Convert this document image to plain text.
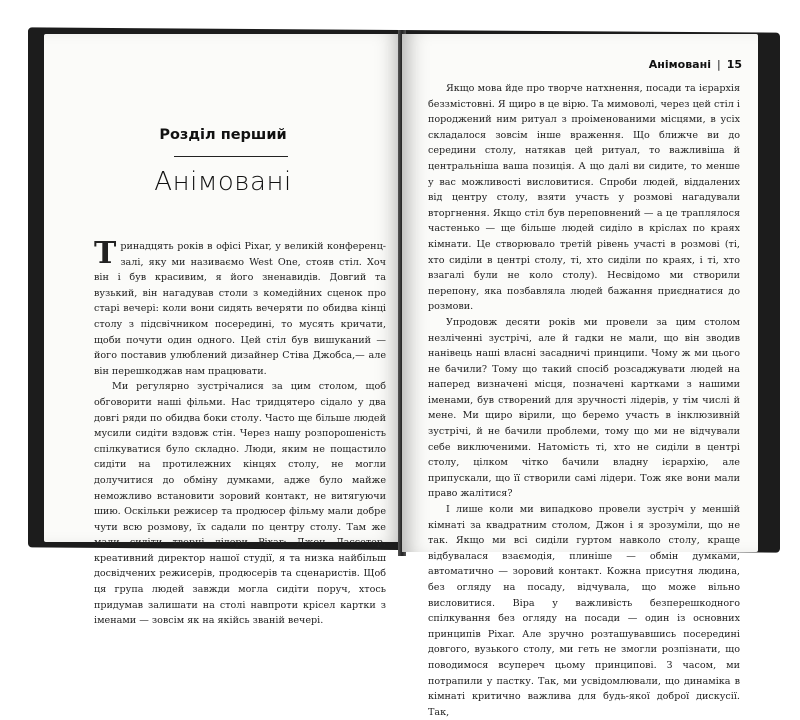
Розділ перший
Анімовані

Тринадцять років в офісі Pixar, у великій конференц-залі, яку ми називаємо West One, стояв стіл. Хоч він і був красивим, я його зненавидів. Довгий та вузький, він нагадував столи з комедійних сценок про старі вечері: коли вони сидять вечеряти по обидва кінці столу з підсвічником посередині, то мусять кричати, щоби почути один одного. Цей стіл був вишуканий — його поставив улюблений дизайнер Стіва Джобса,— але він перешкоджав нам працювати.

Ми регулярно зустрічалися за цим столом, щоб обговорити наші фільми. Нас тридцятеро сідало у два довгі ряди по обидва боки столу. Часто ще більше людей мусили сидіти вздовж стін. Через нашу розпорошеність спілкуватися було складно. Люди, яким не пощастило сидіти на протилежних кінцях столу, не могли долучитися до обміну думками, адже було майже неможливо встановити зоровий контакт, не витягуючи шию. Оскільки режисер та продюсер фільму мали добре чути всю розмову, їх садали по центру столу. Там же мали сидіти творчі лідери Pixar: Джон Лассетер, креативний директор нашої студії, я та низка найбільш досвідчених режисерів, продюсерів та сценаристів. Щоб ця група людей завжди могла сидіти поруч, хтось придумав залишати на столі навпроти крісел картки з іменами — зовсім як на якійсь званій вечері.

Анімовані | 15

Якщо мова йде про творче натхнення, посади та ієрархія беззмістовні. Я щиро в це вірю. Та мимоволі, через цей стіл і породжений ним ритуал з проіменованими місцями, в усіх складалося зовсім інше враження. Що ближче ви до середини столу, натякав цей ритуал, то важливіша й центральніша ваша позиція. А що далі ви сидите, то менше у вас можливості висловитися. Спроби людей, віддалених від центру столу, взяти участь у розмові нагадували вторгнення. Якщо стіл був переповнений — а це траплялося частенько — ще більше людей сиділо в кріслах по краях кімнати. Це створювало третій рівень участі в розмові (ті, хто сиділи в центрі столу, ті, хто сиділи по краях, і ті, хто взагалі були не коло столу). Несвідомо ми створили перепону, яка позбавляла людей бажання приєднатися до розмови.

Упродовж десяти років ми провели за цим столом незліченні зустрічі, але й гадки не мали, що він зводив нанівець наші власні засадничі принципи. Чому ж ми цього не бачили? Тому що такий спосіб розсаджувати людей на наперед визначені місця, позначені картками з нашими іменами, був створений для зручності лідерів, у тім числі й мене. Ми щиро вірили, що беремо участь в інклюзивній зустрічі, й не бачили проблеми, тому що ми не відчували себе виключеними. Натомість ті, хто не сиділи в центрі столу, цілком чітко бачили владну ієрархію, але припускали, що її створили самі лідери. Тож яке вони мали право жалітися?

І лише коли ми випадково провели зустріч у меншій кімнаті за квадратним столом, Джон і я зрозуміли, що не так. Якщо ми всі сиділи гуртом навколо столу, краще відбувалася взаємодія, плиніше — обмін думками, автоматично — зоровий контакт. Кожна присутня людина, без огляду на посаду, відчувала, що може вільно висловитися. Віра у важливість безперешкодного спілкування без огляду на посади — один із основних принципів Pixar. Але зручно розташувавшись посередині довгого, вузького столу, ми геть не змогли розпізнати, що поводимося всупереч цьому принципові. З часом, ми потрапили у пастку. Так, ми усвідомлювали, що динаміка в кімнаті критично важлива для будь-якої доброї дискусії. Так,
